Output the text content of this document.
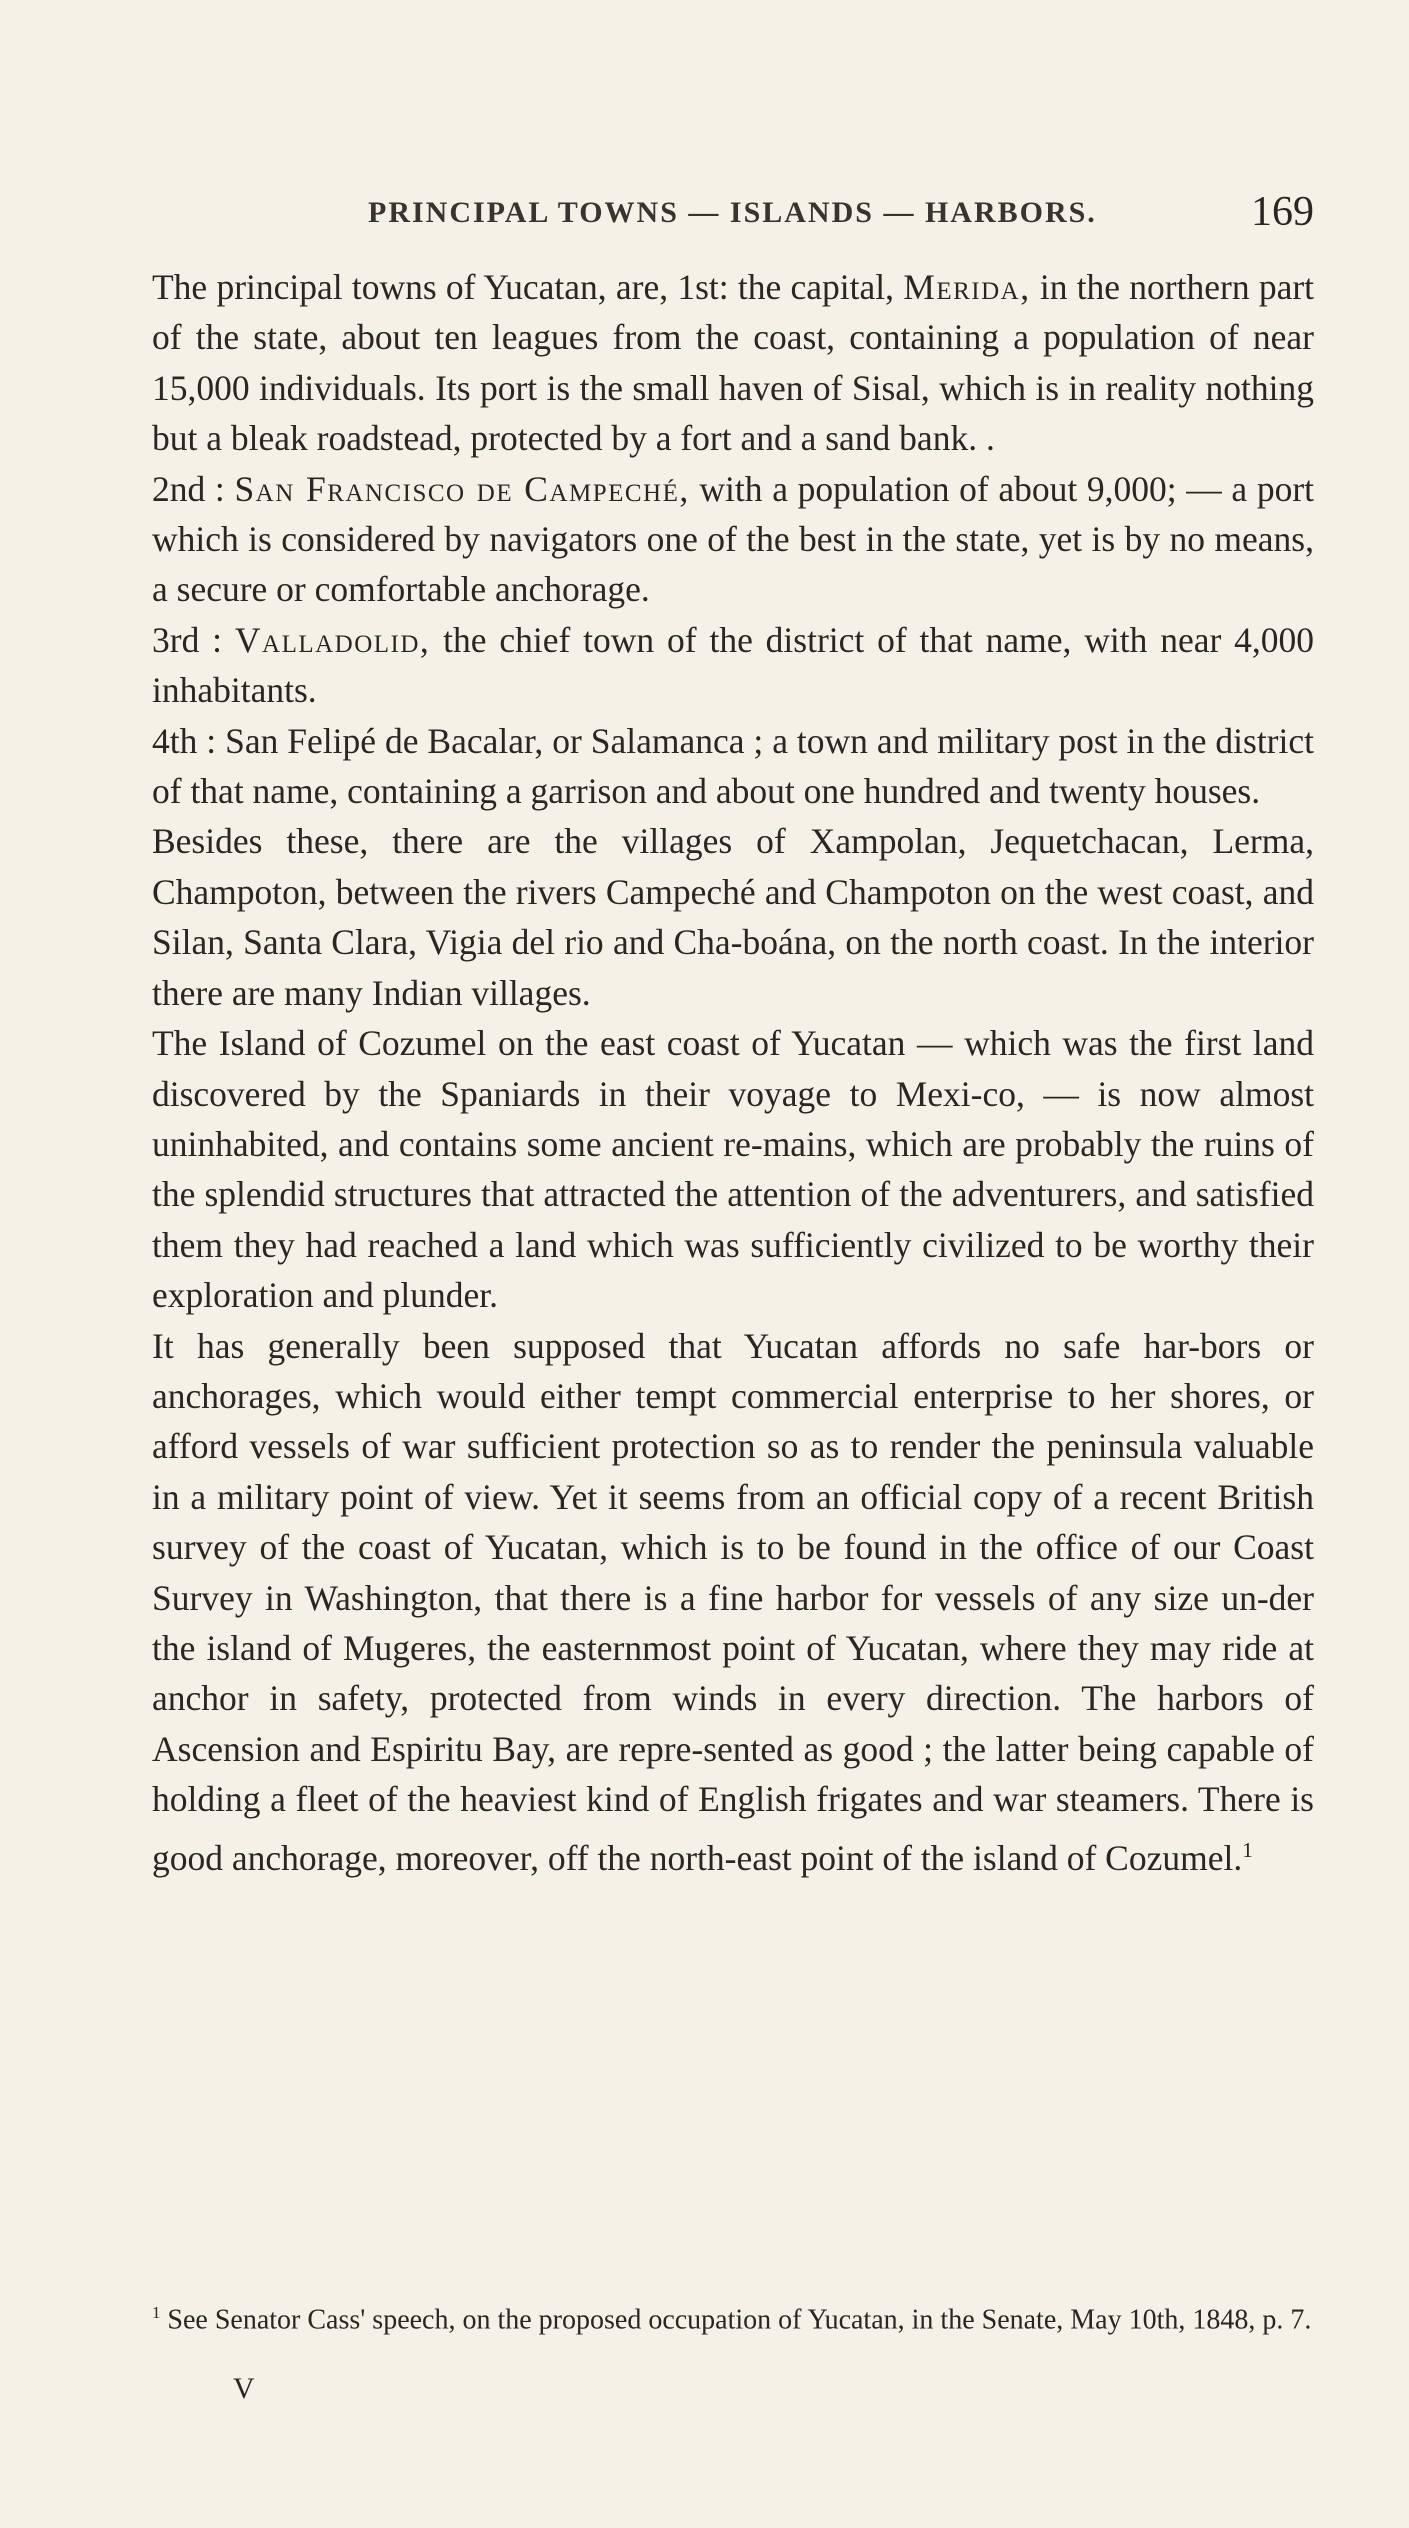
PRINCIPAL TOWNS — ISLANDS — HARBORS.	169

The principal towns of Yucatan, are, 1st: the capital, Merida, in the northern part of the state, about ten leagues from the coast, containing a population of near 15,000 individuals. Its port is the small haven of Sisal, which is in reality nothing but a bleak roadstead, protected by a fort and a sand bank. .

2nd : San Francisco de Campeché, with a population of about 9,000; — a port which is considered by navigators one of the best in the state, yet is by no means, a secure or comfortable anchorage.

3rd : Valladolid, the chief town of the district of that name, with near 4,000 inhabitants.

4th : San Felipé de Bacalar, or Salamanca ; a town and military post in the district of that name, containing a garrison and about one hundred and twenty houses.

Besides these, there are the villages of Xampolan, Jequetchacan, Lerma, Champoton, between the rivers Campeché and Champoton on the west coast, and Silan, Santa Clara, Vigia del rio and Cha-boána, on the north coast. In the interior there are many Indian villages.

The Island of Cozumel on the east coast of Yucatan — which was the first land discovered by the Spaniards in their voyage to Mexi-co, — is now almost uninhabited, and contains some ancient re-mains, which are probably the ruins of the splendid structures that attracted the attention of the adventurers, and satisfied them they had reached a land which was sufficiently civilized to be worthy their exploration and plunder.

It has generally been supposed that Yucatan affords no safe har-bors or anchorages, which would either tempt commercial enterprise to her shores, or afford vessels of war sufficient protection so as to render the peninsula valuable in a military point of view. Yet it seems from an official copy of a recent British survey of the coast of Yucatan, which is to be found in the office of our Coast Survey in Washington, that there is a fine harbor for vessels of any size un-der the island of Mugeres, the easternmost point of Yucatan, where they may ride at anchor in safety, protected from winds in every direction. The harbors of Ascension and Espiritu Bay, are repre-sented as good ; the latter being capable of holding a fleet of the heaviest kind of English frigates and war steamers. There is good anchorage, moreover, off the north-east point of the island of Cozumel.$^1$

$^1$ See Senator Cass' speech, on the proposed occupation of Yucatan, in the Senate, May 10th, 1848, p. 7.
V
